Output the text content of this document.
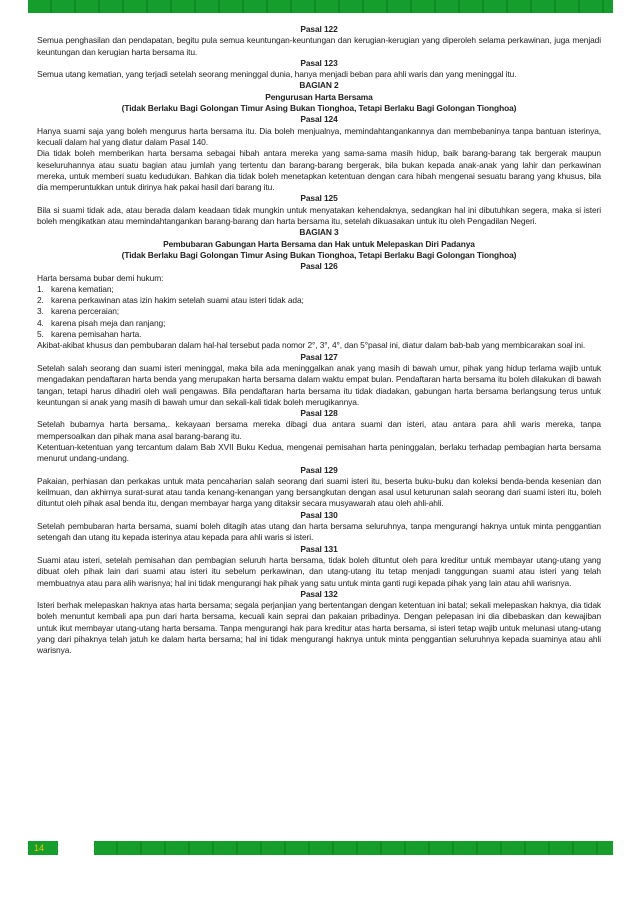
Pasal 122
Semua penghasilan dan pendapatan, begitu pula semua keuntungan-keuntungan dan kerugian-kerugian yang diperoleh selama perkawinan, juga menjadi keuntungan dan kerugian harta bersama itu.
Pasal 123
Semua utang kematian, yang terjadi setelah seorang meninggal dunia, hanya menjadi beban para ahli waris dan yang meninggal itu.
BAGIAN 2
Pengurusan Harta Bersama
(Tidak Berlaku Bagi Golongan Timur Asing Bukan Tionghoa, Tetapi Berlaku Bagi Golongan Tionghoa)
Pasal 124
Hanya suami saja yang boleh mengurus harta bersama itu. Dia boleh menjualnya, memindahtangankannya dan membebaninya tanpa bantuan isterinya, kecuali dalam hal yang diatur dalam Pasal 140.
Dia tidak boleh memberikan harta bersama sebagai hibah antara mereka yang sama-sama masih hidup, baik barang-barang tak bergerak maupun keseluruhannya atau suatu bagian atau jumlah yang tertentu dan barang-barang bergerak, bila bukan kepada anak-anak yang lahir dan perkawinan mereka, untuk memberi suatu kedudukan. Bahkan dia tidak boleh menetapkan ketentuan dengan cara hibah mengenai sesuatu barang yang khusus, bila dia memperuntukkan untuk dirinya hak pakai hasil dari barang itu.
Pasal 125
Bila si suami tidak ada, atau berada dalam keadaan tidak mungkin untuk menyatakan kehendaknya, sedangkan hal ini dibutuhkan segera, maka si isteri boleh mengikatkan atau memindahtangankan barang-barang dan harta bersama itu, setelah dikuasakan untuk itu oleh Pengadilan Negeri.
BAGIAN 3
Pembubaran Gabungan Harta Bersama dan Hak untuk Melepaskan Diri Padanya
(Tidak Berlaku Bagi Golongan Timur Asing Bukan Tionghoa, Tetapi Berlaku Bagi Golongan Tionghoa)
Pasal 126
Harta bersama bubar demi hukum:
1. karena kematian;
2. karena perkawinan atas izin hakim setelah suami atau isteri tidak ada;
3. karena perceraian;
4. karena pisah meja dan ranjang;
5. karena pemisahan harta.
Akibat-akibat khusus dan pembubaran dalam hal-hal tersebut pada nomor 2°, 3°, 4°, dan 5°pasal ini, diatur dalam bab-bab yang membicarakan soal ini.
Pasal 127
Setelah salah seorang dan suami isteri meninggal, maka bila ada meninggalkan anak yang masih di bawah umur, pihak yang hidup terlama wajib untuk mengadakan pendaftaran harta benda yang merupakan harta bersama dalam waktu empat bulan. Pendaftaran harta bersama itu boleh dilakukan di bawah tangan, tetapi harus dihadiri oleh wali pengawas. Bila pendaftaran harta bersama itu tidak diadakan, gabungan harta bersama berlangsung terus untuk keuntungan si anak yang masih di bawah umur dan sekali-kali tidak boleh merugikannya.
Pasal 128
Setelah bubarnya harta bersama,. kekayaan bersama mereka dibagi dua antara suami dan isteri, atau antara para ahli waris mereka, tanpa mempersoalkan dan pihak mana asal barang-barang itu.
Ketentuan-ketentuan yang tercantum dalam Bab XVII Buku Kedua, mengenai pemisahan harta peninggalan, berlaku terhadap pembagian harta bersama menurut undang-undang.
Pasal 129
Pakaian, perhiasan dan perkakas untuk mata pencaharian salah seorang dari suami isteri itu, beserta buku-buku dan koleksi benda-benda kesenian dan keilmuan, dan akhirnya surat-surat atau tanda kenang-kenangan yang bersangkutan dengan asal usul keturunan salah seorang dari suami isteri itu, boleh dituntut oleh pihak asal benda itu, dengan membayar harga yang ditaksir secara musyawarah atau oleh ahli-ahli.
Pasal 130
Setelah pembubaran harta bersama, suami boleh ditagih atas utang dan harta bersama seluruhnya, tanpa mengurangi haknya untuk minta penggantian setengah dan utang itu kepada isterinya atau kepada para ahli waris si isteri.
Pasal 131
Suami atau isteri, setelah pemisahan dan pembagian seluruh harta bersama, tidak boleh dituntut oleh para kreditur untuk membayar utang-utang yang dibuat oleh pihak lain dari suami atau isteri itu sebelum perkawinan, dan utang-utang itu tetap menjadi tanggungan suami atau isteri yang telah membuatnya atau para alih warisnya; hal ini tidak mengurangi hak pihak yang satu untuk minta ganti rugi kepada pihak yang lain atau ahli warisnya.
Pasal 132
Isteri berhak melepaskan haknya atas harta bersama; segala perjanjian yang bertentangan dengan ketentuan ini batal; sekali melepaskan haknya, dia tidak boleh menuntut kembali apa pun dari harta bersama, kecuali kain seprai dan pakaian pribadinya. Dengan pelepasan ini dia dibebaskan dan kewajiban untuk ikut membayar utang-utang harta bersama. Tanpa mengurangi hak para kreditur atas harta bersama, si isteri tetap wajib untuk melunasi utang-utang yang dari pihaknya telah jatuh ke dalam harta bersama; hal ini tidak mengurangi haknya untuk minta penggantian seluruhnya kepada suaminya atau ahli warisnya.
14
